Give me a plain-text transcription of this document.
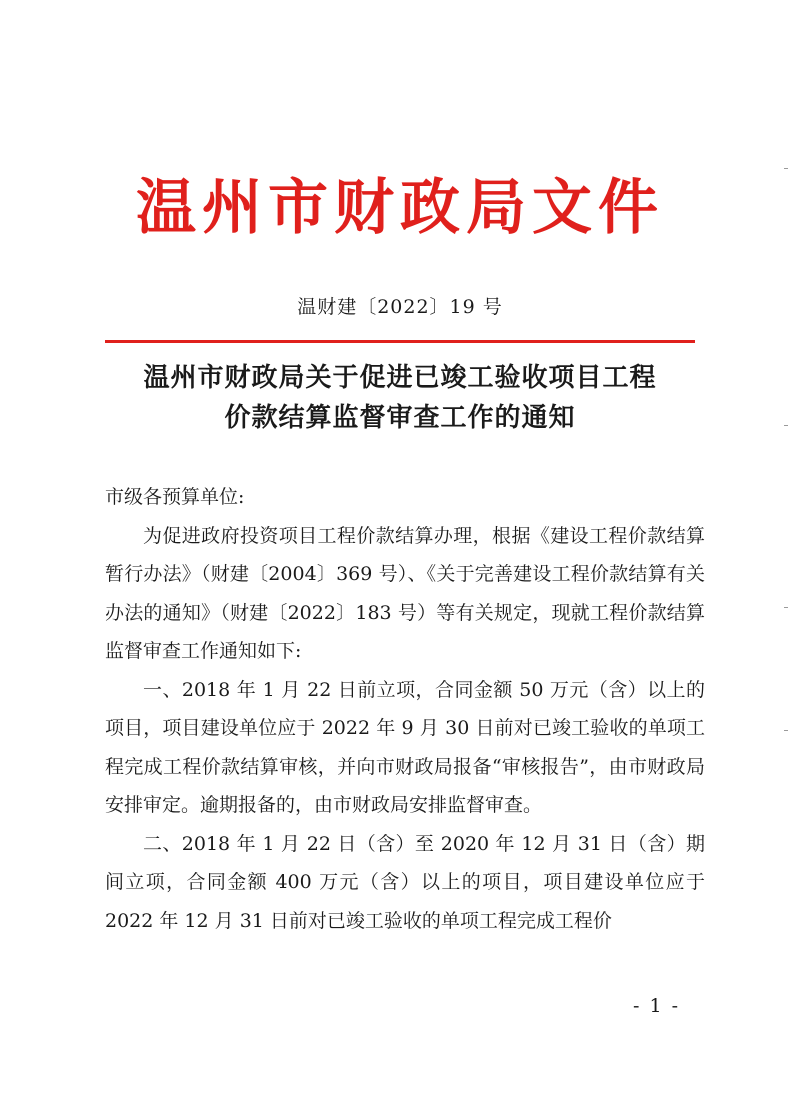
温州市财政局文件
温财建〔2022〕19 号
温州市财政局关于促进已竣工验收项目工程
价款结算监督审查工作的通知

市级各预算单位:

为促进政府投资项目工程价款结算办理，根据《建设工程价款结算暂行办法》（财建〔2004〕369 号）、《关于完善建设工程价款结算有关办法的通知》（财建〔2022〕183 号）等有关规定，现就工程价款结算监督审查工作通知如下:

一、2018 年 1 月 22 日前立项，合同金额 50 万元（含）以上的项目，项目建设单位应于 2022 年 9 月 30 日前对已竣工验收的单项工程完成工程价款结算审核，并向市财政局报备“审核报告”，由市财政局安排审定。逾期报备的，由市财政局安排监督审查。

二、2018 年 1 月 22 日（含）至 2020 年 12 月 31 日（含）期间立项，合同金额 400 万元（含）以上的项目，项目建设单位应于 2022 年 12 月 31 日前对已竣工验收的单项工程完成工程价

- 1 -
